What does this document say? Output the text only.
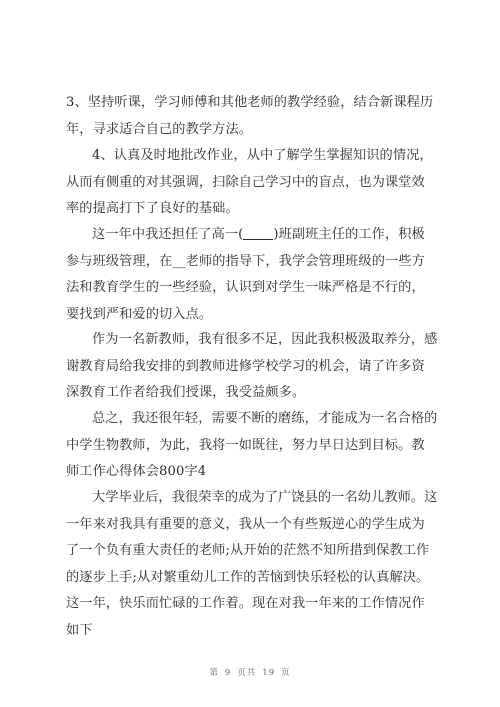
3、坚持听课，学习师傅和其他老师的教学经验，结合新课程历年，寻求适合自己的教学方法。

4、认真及时地批改作业，从中了解学生掌握知识的情况，从而有侧重的对其强调，扫除自己学习中的盲点，也为课堂效率的提高打下了良好的基础。

这一年中我还担任了高一( )班副班主任的工作，积极参与班级管理，在__老师的指导下，我学会管理班级的一些方法和教育学生的一些经验，认识到对学生一味严格是不行的，要找到严和爱的切入点。

作为一名新教师，我有很多不足，因此我积极汲取养分，感谢教育局给我安排的到教师进修学校学习的机会，请了许多资深教育工作者给我们授课，我受益颇多。

总之，我还很年轻，需要不断的磨练，才能成为一名合格的中学生物教师，为此，我将一如既往，努力早日达到目标。教师工作心得体会800字4

大学毕业后，我很荣幸的成为了广饶县的一名幼儿教师。这一年来对我具有重要的意义，我从一个有些叛逆心的学生成为了一个负有重大责任的老师;从开始的茫然不知所措到保教工作的逐步上手;从对繁重幼儿工作的苦恼到快乐轻松的认真解决。这一年，快乐而忙碌的工作着。现在对我一年来的工作情况作如下

第 9 页共 19 页
